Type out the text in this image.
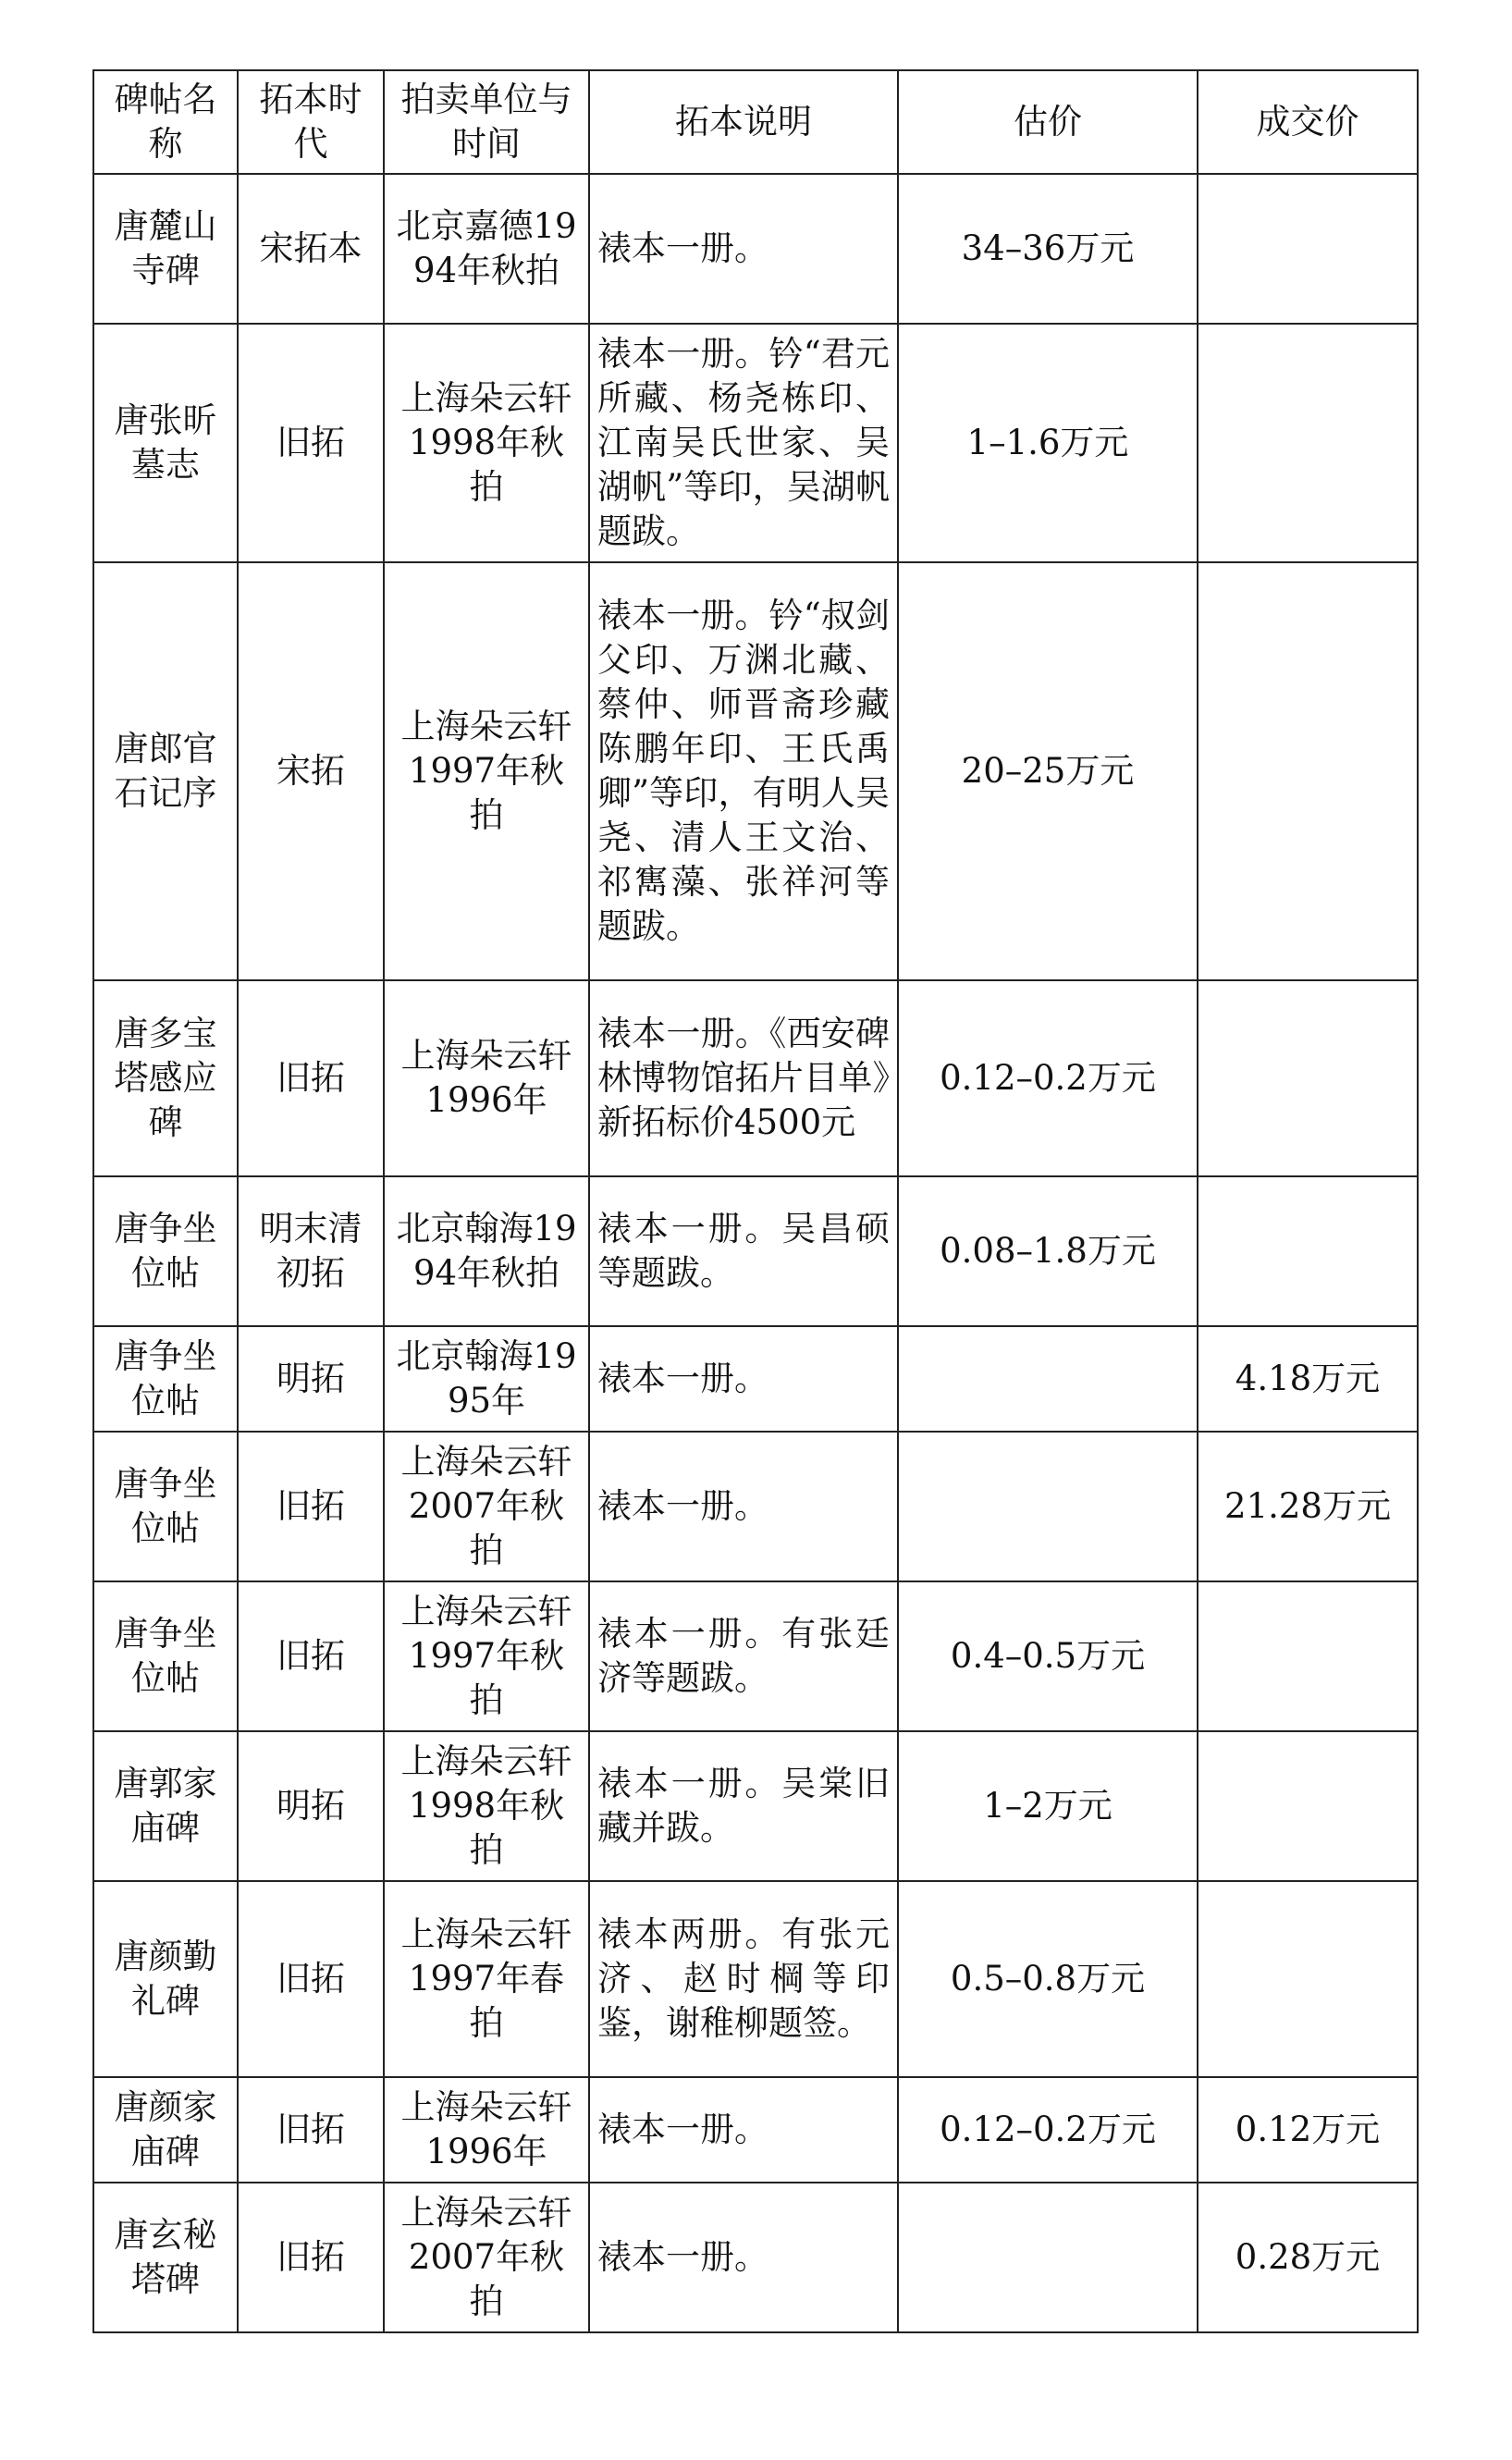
碑帖名称	拓本时代	拍卖单位与时间	拓本说明	估价	成交价
唐麓山寺碑	宋拓本	北京嘉德1994年秋拍	裱本一册。	34–36万元	
唐张昕墓志	旧拓	上海朵云轩1998年秋拍	裱本一册。钤“君元所藏、杨尧栋印、江南吴氏世家、吴湖帆”等印，吴湖帆题跋。	1–1.6万元	
唐郎官石记序	宋拓	上海朵云轩1997年秋拍	裱本一册。钤“叔剑父印、万渊北藏、蔡仲、师晋斋珍藏陈鹏年印、王氏禹卿”等印，有明人吴尧、清人王文治、祁寯藻、张祥河等题跋。	20–25万元	
唐多宝塔感应碑	旧拓	上海朵云轩1996年	裱本一册。《西安碑林博物馆拓片目单》新拓标价4500元	0.12–0.2万元	
唐争坐位帖	明末清初拓	北京翰海1994年秋拍	裱本一册。吴昌硕等题跋。	0.08–1.8万元	
唐争坐位帖	明拓	北京翰海1995年	裱本一册。		4.18万元
唐争坐位帖	旧拓	上海朵云轩2007年秋拍	裱本一册。		21.28万元
唐争坐位帖	旧拓	上海朵云轩1997年秋拍	裱本一册。有张廷济等题跋。	0.4–0.5万元	
唐郭家庙碑	明拓	上海朵云轩1998年秋拍	裱本一册。吴棠旧藏并跋。	1–2万元	
唐颜勤礼碑	旧拓	上海朵云轩1997年春拍	裱本两册。有张元济、赵时棡等印鉴，谢稚柳题签。	0.5–0.8万元	
唐颜家庙碑	旧拓	上海朵云轩1996年	裱本一册。	0.12–0.2万元	0.12万元
唐玄秘塔碑	旧拓	上海朵云轩2007年秋拍	裱本一册。		0.28万元
